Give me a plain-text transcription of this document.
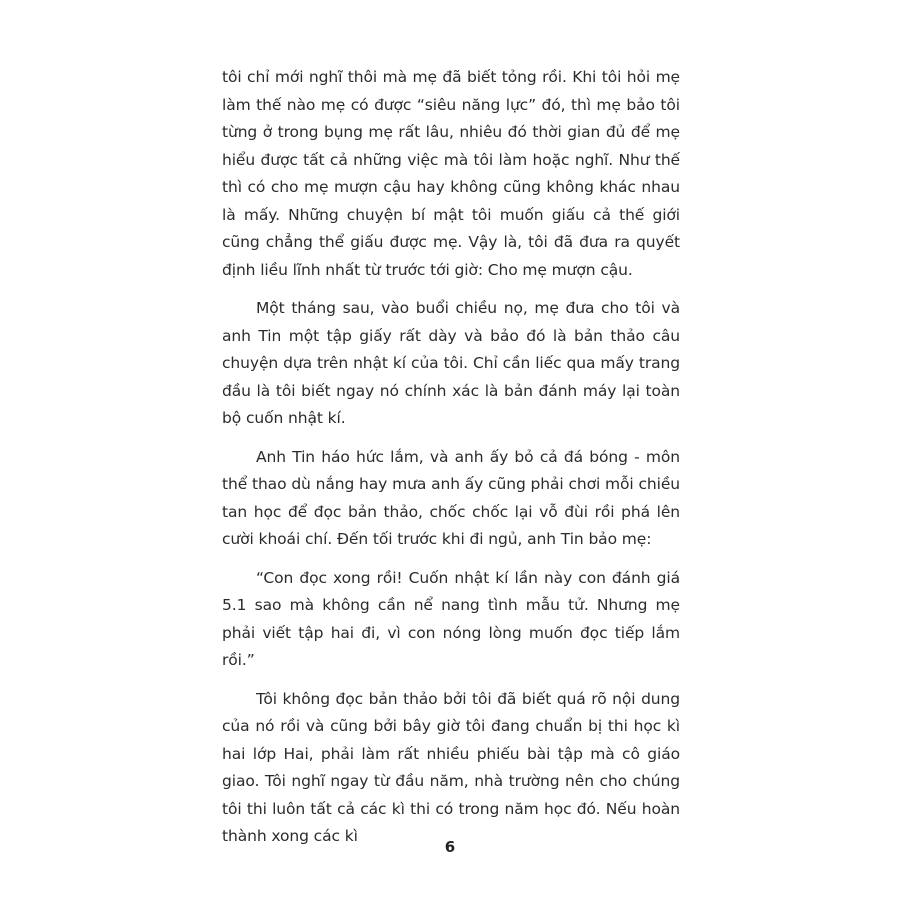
tôi chỉ mới nghĩ thôi mà mẹ đã biết tỏng rồi. Khi tôi hỏi mẹ làm thế nào mẹ có được “siêu năng lực” đó, thì mẹ bảo tôi từng ở trong bụng mẹ rất lâu, nhiêu đó thời gian đủ để mẹ hiểu được tất cả những việc mà tôi làm hoặc nghĩ. Như thế thì có cho mẹ mượn cậu hay không cũng không khác nhau là mấy. Những chuyện bí mật tôi muốn giấu cả thế giới cũng chẳng thể giấu được mẹ. Vậy là, tôi đã đưa ra quyết định liều lĩnh nhất từ trước tới giờ: Cho mẹ mượn cậu.

Một tháng sau, vào buổi chiều nọ, mẹ đưa cho tôi và anh Tin một tập giấy rất dày và bảo đó là bản thảo câu chuyện dựa trên nhật kí của tôi. Chỉ cần liếc qua mấy trang đầu là tôi biết ngay nó chính xác là bản đánh máy lại toàn bộ cuốn nhật kí.

Anh Tin háo hức lắm, và anh ấy bỏ cả đá bóng - môn thể thao dù nắng hay mưa anh ấy cũng phải chơi mỗi chiều tan học để đọc bản thảo, chốc chốc lại vỗ đùi rồi phá lên cười khoái chí. Đến tối trước khi đi ngủ, anh Tin bảo mẹ:

“Con đọc xong rồi! Cuốn nhật kí lần này con đánh giá 5.1 sao mà không cần nể nang tình mẫu tử. Nhưng mẹ phải viết tập hai đi, vì con nóng lòng muốn đọc tiếp lắm rồi.”

Tôi không đọc bản thảo bởi tôi đã biết quá rõ nội dung của nó rồi và cũng bởi bây giờ tôi đang chuẩn bị thi học kì hai lớp Hai, phải làm rất nhiều phiếu bài tập mà cô giáo giao. Tôi nghĩ ngay từ đầu năm, nhà trường nên cho chúng tôi thi luôn tất cả các kì thi có trong năm học đó. Nếu hoàn thành xong các kì

6
